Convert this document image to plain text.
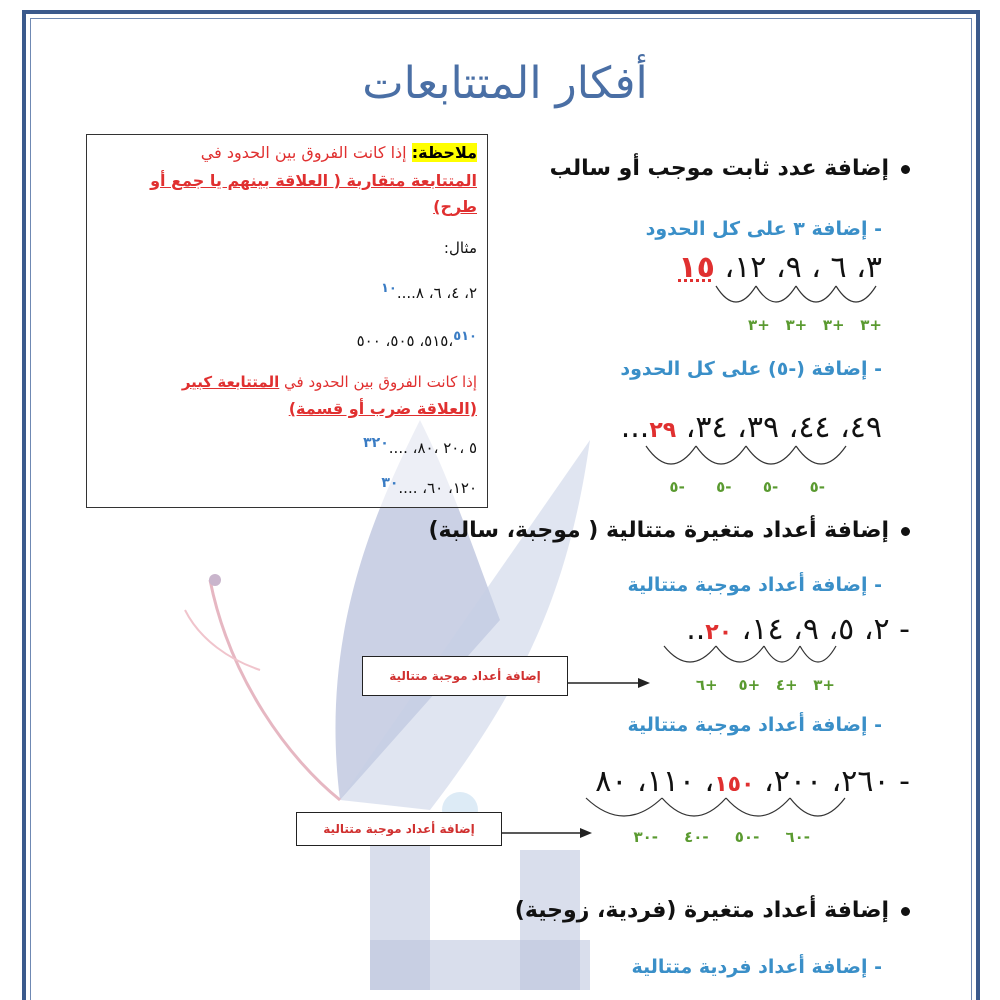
أفكار المتتابعات
ملاحظة: إذا كانت الفروق بين الحدود في
المتتابعة متقاربة ( العلاقة بينهم يا جمع أو
طرح)
مثال:
٢، ٤، ٦، ٨....$^{١٠}$
٥١٥،$^{٥١٠}$، ٥٠٥، ٥٠٠
إذا كانت الفروق بين الحدود في المتتابعة كبير
(العلاقة ضرب أو قسمة)
٥ ،٢٠ ،٨٠، ....$^{٣٢٠}$
١٢٠، ٦٠، ....$^{٣٠}$
إضافة عدد ثابت موجب أو سالب
- إضافة ٣ على كل الحدود
٣، ٦ ، ٩، ١٢، ١٥
+٣   +٣   +٣   +٣
- إضافة (-٥) على كل الحدود
٤٩، ٤٤، ٣٩، ٣٤، ٢٩...
-٥      -٥      -٥      -٥
إضافة أعداد متغيرة متتالية ( موجبة، سالبة)
- إضافة أعداد موجبة متتالية
- ٢، ٥، ٩، ١٤، ٢٠..
+٣   +٤   +٥    +٦
إضافة أعداد موجبة متتالية
- إضافة أعداد موجبة متتالية
- ٢٦٠، ٢٠٠، ١٥٠، ١١٠، ٨٠
-٦٠     -٥٠     -٤٠     -٣٠
إضافة أعداد موجبة متتالية
إضافة أعداد متغيرة (فردية، زوجية)
- إضافة أعداد فردية متتالية
